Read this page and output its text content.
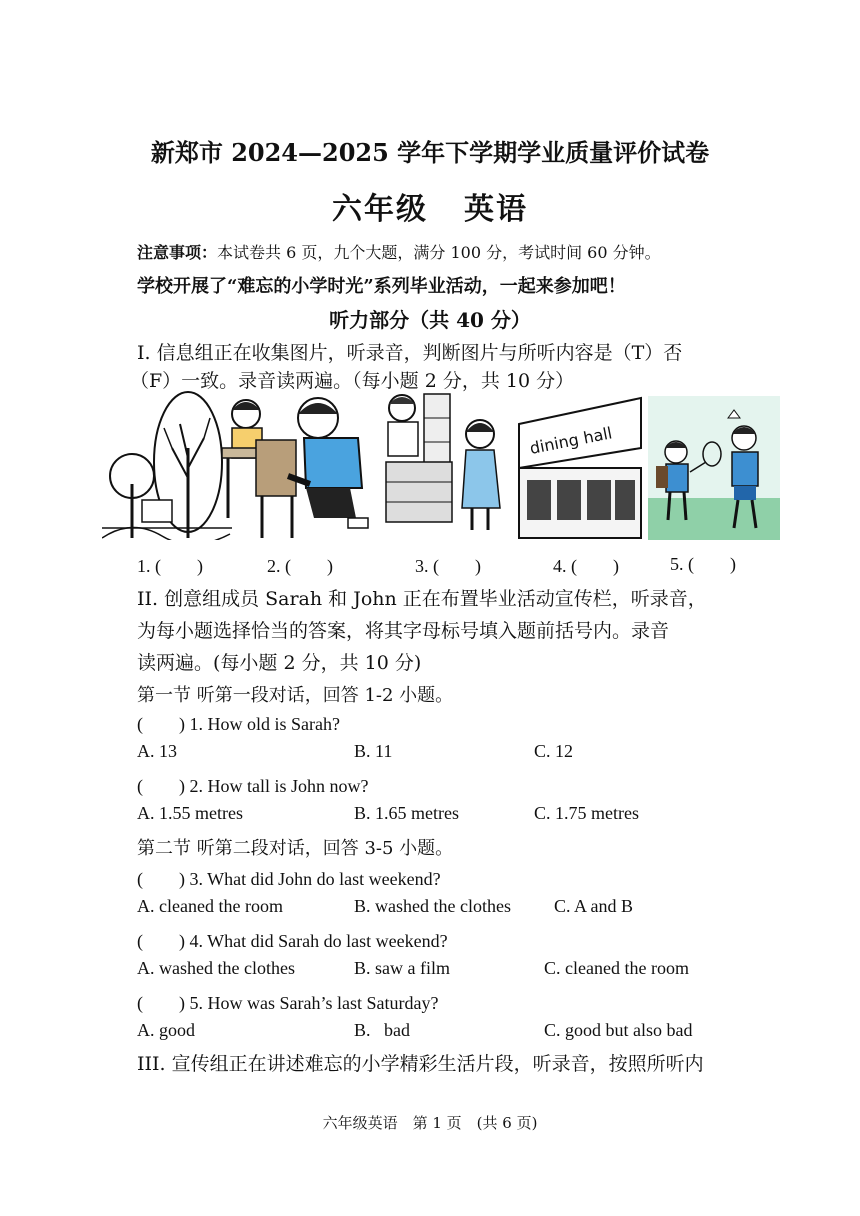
新郑市 2024—2025 学年下学期学业质量评价试卷
六年级 英语
注意事项：本试卷共 6 页，九个大题，满分 100 分，考试时间 60 分钟。
学校开展了“难忘的小学时光”系列毕业活动，一起来参加吧！
听力部分（共 40 分）
I. 信息组正在收集图片，听录音，判断图片与所听内容是（T）否
（F）一致。录音读两遍。（每小题 2 分，共 10 分）
dining hall
1. (　　)	2. (　　)	3. (　　)	4. (　　)	5. (　　)
II. 创意组成员 Sarah 和 John 正在布置毕业活动宣传栏，听录音，
为每小题选择恰当的答案，将其字母标号填入题前括号内。录音
读两遍。(每小题 2 分，共 10 分)
第一节 听第一段对话，回答 1-2 小题。
(　　) 1. How old is Sarah?
A. 13	B. 11	C. 12
(　　) 2. How tall is John now?
A. 1.55 metres	B. 1.65 metres	C. 1.75 metres
第二节 听第二段对话，回答 3-5 小题。
(　　) 3. What did John do last weekend?
A. cleaned the room	B. washed the clothes C. A and B
(　　) 4. What did Sarah do last weekend?
A. washed the clothes	B. saw a film	C. cleaned the room
(　　) 5. How was Sarah’s last Saturday?
A. good	B.   bad	C. good but also bad
III. 宣传组正在讲述难忘的小学精彩生活片段，听录音，按照所听内
六年级英语　第 1 页　(共 6 页)
